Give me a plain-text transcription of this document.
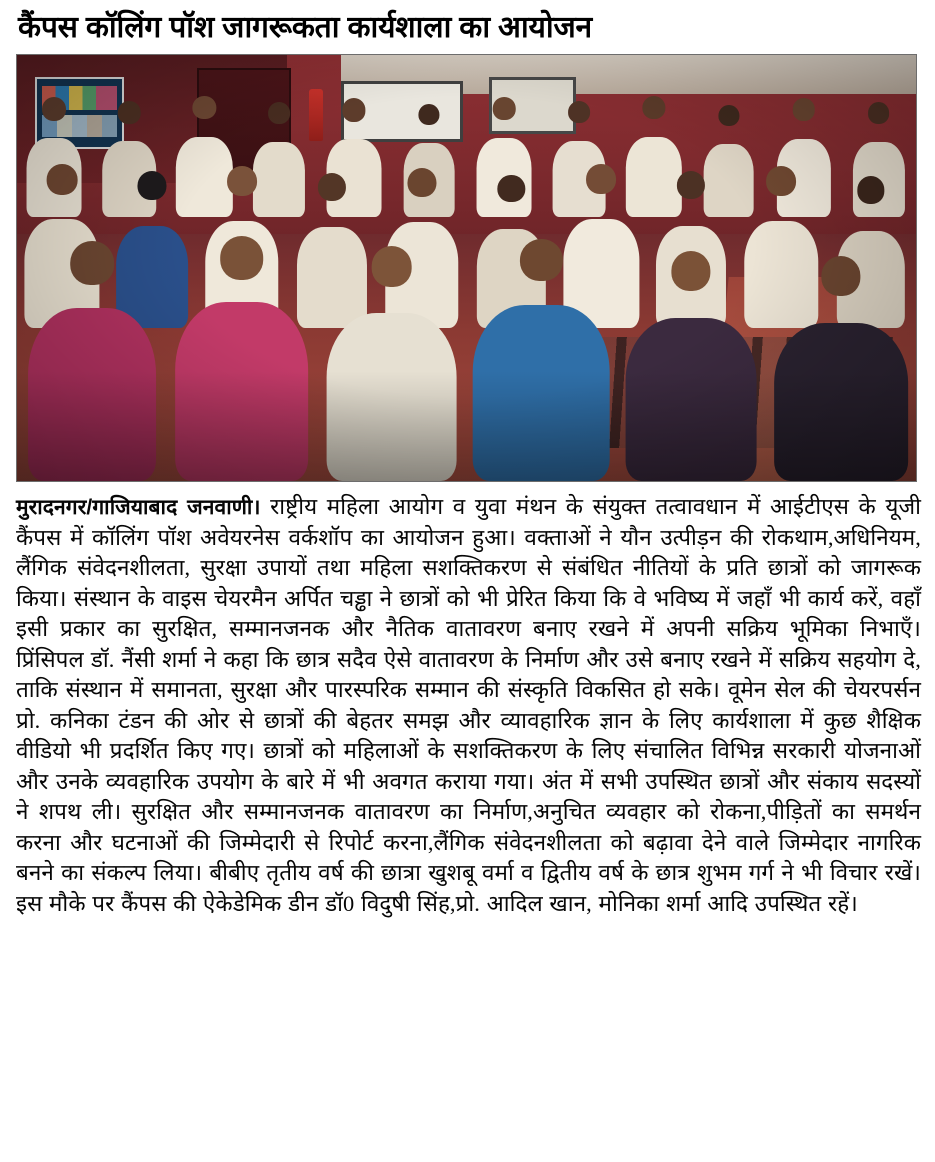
कैंपस कॉलिंग पॉश जागरूकता कार्यशाला का आयोजन

मुरादनगर/गाजियाबाद जनवाणी। राष्ट्रीय महिला आयोग व युवा मंथन के संयुक्त तत्वावधान में आईटीएस के यूजी कैंपस में कॉलिंग पॉश अवेयरनेस वर्कशॉप का आयोजन हुआ। वक्ताओं ने यौन उत्पीड़न की रोकथाम,अधिनियम, लैंगिक संवेदनशीलता, सुरक्षा उपायों तथा महिला सशक्तिकरण से संबंधित नीतियों के प्रति छात्रों को जागरूक किया। संस्थान के वाइस चेयरमैन अर्पित चड्ढा ने छात्रों को भी प्रेरित किया कि वे भविष्य में जहाँ भी कार्य करें, वहाँ इसी प्रकार का सुरक्षित, सम्मानजनक और नैतिक वातावरण बनाए रखने में अपनी सक्रिय भूमिका निभाएँ। प्रिंसिपल डॉ. नैंसी शर्मा ने कहा कि छात्र सदैव ऐसे वातावरण के निर्माण और उसे बनाए रखने में सक्रिय सहयोग दे, ताकि संस्थान में समानता, सुरक्षा और पारस्परिक सम्मान की संस्कृति विकसित हो सके। वूमेन सेल की चेयरपर्सन प्रो. कनिका टंडन की ओर से छात्रों की बेहतर समझ और व्यावहारिक ज्ञान के लिए कार्यशाला में कुछ शैक्षिक वीडियो भी प्रदर्शित किए गए। छात्रों को महिलाओं के सशक्तिकरण के लिए संचालित विभिन्न सरकारी योजनाओं और उनके व्यवहारिक उपयोग के बारे में भी अवगत कराया गया। अंत में सभी उपस्थित छात्रों और संकाय सदस्यों ने शपथ ली। सुरक्षित और सम्मानजनक वातावरण का निर्माण,अनुचित व्यवहार को रोकना,पीड़ितों का समर्थन करना और घटनाओं की जिम्मेदारी से रिपोर्ट करना,लैंगिक संवेदनशीलता को बढ़ावा देने वाले जिम्मेदार नागरिक बनने का संकल्प लिया। बीबीए तृतीय वर्ष की छात्रा खुशबू वर्मा व द्वितीय वर्ष के छात्र शुभम गर्ग ने भी विचार रखें। इस मौके पर कैंपस की ऐकेडेमिक डीन डॉ0 विदुषी सिंह,प्रो. आदिल खान, मोनिका शर्मा आदि उपस्थित रहें।
